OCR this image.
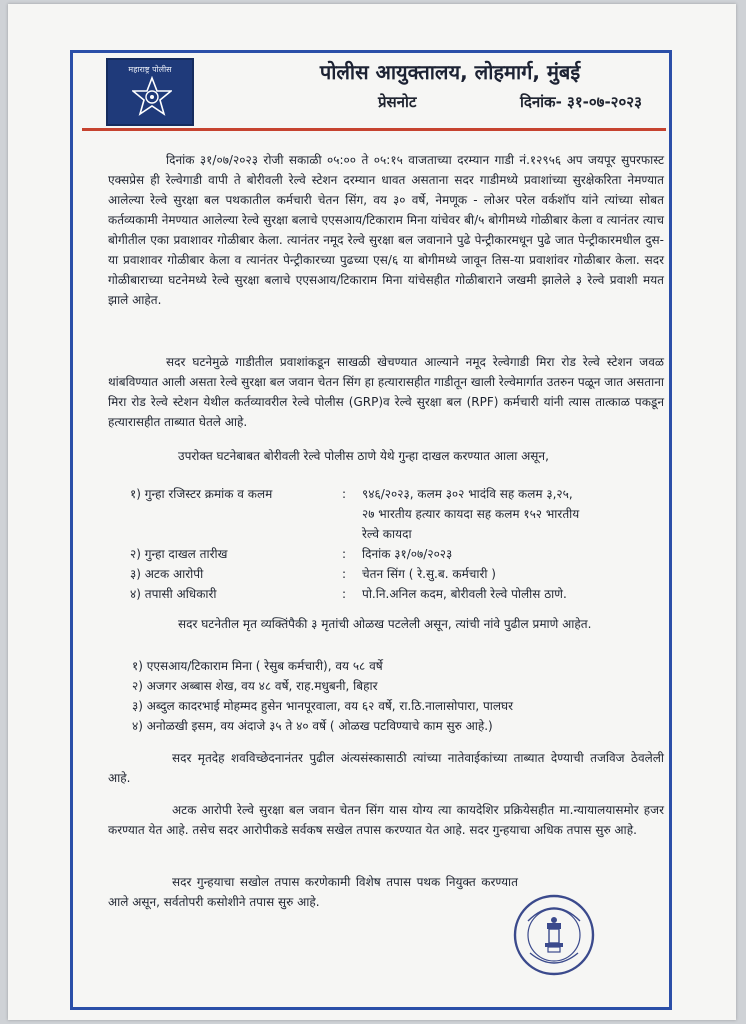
महाराष्ट्र पोलीस	पोलीस आयुक्तालय, लोहमार्ग, मुंबई
प्रेसनोट	दिनांक- ३१-०७-२०२३
दिनांक ३१/०७/२०२३ रोजी सकाळी ०५:०० ते ०५:१५ वाजताच्या दरम्यान गाडी नं.१२९५६ अप जयपूर सुपरफास्ट एक्सप्रेस ही रेल्वेगाडी वापी ते बोरीवली रेल्वे स्टेशन दरम्यान धावत असताना सदर गाडीमध्ये प्रवाशांच्या सुरक्षेकरिता नेमण्यात आलेल्या रेल्वे सुरक्षा बल पथकातील कर्मचारी चेतन सिंग, वय ३० वर्षे, नेमणूक - लोअर परेल वर्कशॉप यांने त्यांच्या सोबत कर्तव्यकामी नेमण्यात आलेल्या रेल्वे सुरक्षा बलाचे एएसआय/टिकाराम मिना यांचेवर बी/५ बोगीमध्ये गोळीबार केला व त्यानंतर त्याच बोगीतील एका प्रवाशावर गोळीबार केला. त्यानंतर नमूद रेल्वे सुरक्षा बल जवानाने पुढे पेन्ट्रीकारमधून पुढे जात पेन्ट्रीकारमधील दुस-या प्रवाशावर गोळीबार केला व त्यानंतर पेन्ट्रीकारच्या पुढच्या एस/६ या बोगीमध्ये जावून तिस-या प्रवाशांवर गोळीबार केला. सदर गोळीबाराच्या घटनेमध्ये रेल्वे सुरक्षा बलाचे एएसआय/टिकाराम मिना यांचेसहीत गोळीबाराने जखमी झालेले ३ रेल्वे प्रवाशी मयत झाले आहेत.
सदर घटनेमुळे गाडीतील प्रवाशांकडून साखळी खेचण्यात आल्याने नमूद रेल्वेगाडी मिरा रोड रेल्वे स्टेशन जवळ थांबविण्यात आली असता रेल्वे सुरक्षा बल जवान चेतन सिंग हा हत्यारासहीत गाडीतून खाली रेल्वेमार्गात उतरुन पळून जात असताना मिरा रोड रेल्वे स्टेशन येथील कर्तव्यावरील रेल्वे पोलीस (GRP)व रेल्वे सुरक्षा बल (RPF) कर्मचारी यांनी त्यास तात्काळ पकडून हत्यारासहीत ताब्यात घेतले आहे.
उपरोक्त घटनेबाबत बोरीवली रेल्वे पोलीस ठाणे येथे गुन्हा दाखल करण्यात आला असून,
१) गुन्हा रजिस्टर क्रमांक व कलम	: ९४६/२०२३, कलम ३०२ भादंवि सह कलम ३,२५,
२७ भारतीय हत्यार कायदा सह कलम १५२ भारतीय
रेल्वे कायदा
२) गुन्हा दाखल तारीख	: दिनांक ३१/०७/२०२३
३) अटक आरोपी	: चेतन सिंग ( रे.सु.ब. कर्मचारी )
४) तपासी अधिकारी	: पो.नि.अनिल कदम, बोरीवली रेल्वे पोलीस ठाणे.
सदर घटनेतील मृत व्यक्तिंपैकी ३ मृतांची ओळख पटलेली असून, त्यांची नांवे पुढील प्रमाणे आहेत.
१) एएसआय/टिकाराम मिना ( रेसुब कर्मचारी), वय ५८ वर्षे
२) अजगर अब्बास शेख, वय ४८ वर्षे, राह.मधुबनी, बिहार
३) अब्दुल कादरभाई मोहम्मद हुसेन भानपूरवाला, वय ६२ वर्षे, रा.ठि.नालासोपारा, पालघर
४) अनोळखी इसम, वय अंदाजे ३५ ते ४० वर्षे ( ओळख पटविण्याचे काम सुरु आहे.)
सदर मृतदेह शवविच्छेदनानंतर पुढील अंत्यसंस्कासाठी त्यांच्या नातेवाईकांच्या ताब्यात देण्याची तजविज ठेवलेली आहे.
अटक आरोपी रेल्वे सुरक्षा बल जवान चेतन सिंग यास योग्य त्या कायदेशिर प्रक्रियेसहीत मा.न्यायालयासमोर हजर करण्यात येत आहे. तसेच सदर आरोपीकडे सर्वकष सखेल तपास करण्यात येत आहे. सदर गुन्हयाचा अधिक तपास सुरु आहे.
सदर गुन्हयाचा सखोल तपास करणेकामी विशेष तपास पथक नियुक्त करण्यात आले असून, सर्वतोपरी कसोशीने तपास सुरु आहे.
